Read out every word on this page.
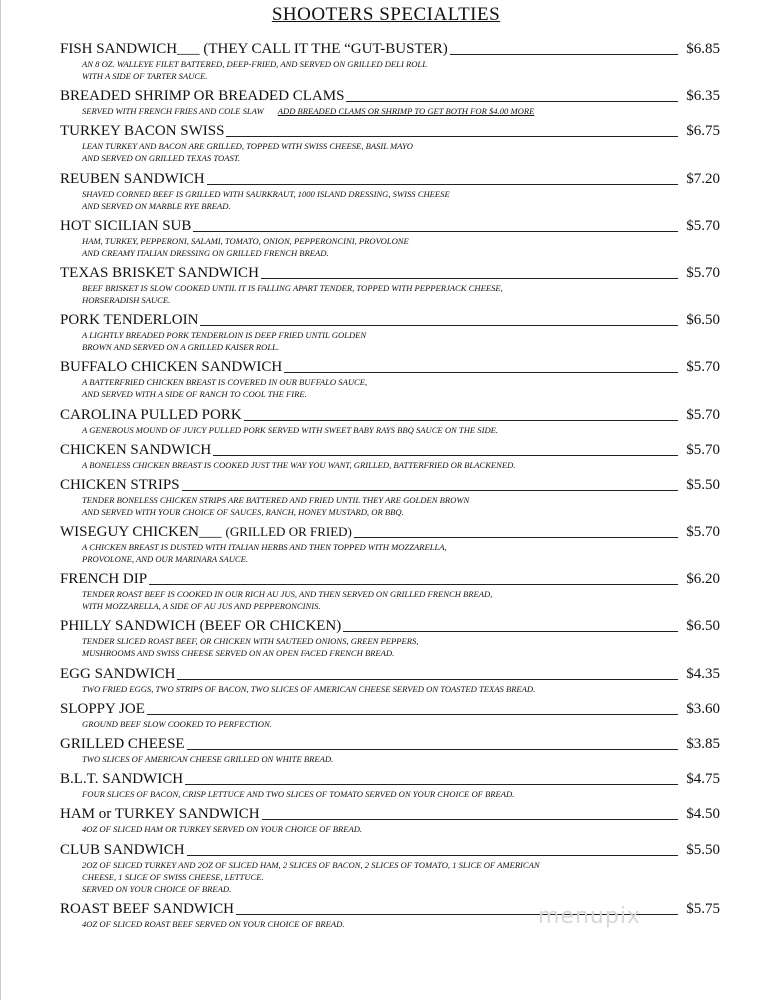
SHOOTERS SPECIALTIES
FISH SANDWICH___ (THEY CALL IT THE “GUT-BUSTER)	$6.85
AN 8 OZ. WALLEYE FILET BATTERED, DEEP-FRIED, AND SERVED ON GRILLED DELI ROLL
WITH A SIDE OF TARTER SAUCE.
BREADED SHRIMP OR BREADED CLAMS	$6.35
SERVED WITH FRENCH FRIES AND COLE SLAW ADD BREADED CLAMS OR SHRIMP TO GET BOTH FOR $4.00 MORE
TURKEY BACON SWISS	$6.75
LEAN TURKEY AND BACON ARE GRILLED, TOPPED WITH SWISS CHEESE, BASIL MAYO
AND SERVED ON GRILLED TEXAS TOAST.
REUBEN SANDWICH	$7.20
SHAVED CORNED BEEF IS GRILLED WITH SAURKRAUT, 1000 ISLAND DRESSING, SWISS CHEESE
AND SERVED ON MARBLE RYE BREAD.
HOT SICILIAN SUB	$5.70
HAM, TURKEY, PEPPERONI, SALAMI, TOMATO, ONION, PEPPERONCINI, PROVOLONE
AND CREAMY ITALIAN DRESSING ON GRILLED FRENCH BREAD.
TEXAS BRISKET SANDWICH	$5.70
BEEF BRISKET IS SLOW COOKED UNTIL IT IS FALLING APART TENDER, TOPPED WITH PEPPERJACK CHEESE,
HORSERADISH SAUCE.
PORK TENDERLOIN	$6.50
A LIGHTLY BREADED PORK TENDERLOIN IS DEEP FRIED UNTIL GOLDEN
BROWN AND SERVED ON A GRILLED KAISER ROLL.
BUFFALO CHICKEN SANDWICH	$5.70
A BATTERFRIED CHICKEN BREAST IS COVERED IN OUR BUFFALO SAUCE,
AND SERVED WITH A SIDE OF RANCH TO COOL THE FIRE.
CAROLINA PULLED PORK	$5.70
A GENEROUS MOUND OF JUICY PULLED PORK SERVED WITH SWEET BABY RAYS BBQ SAUCE ON THE SIDE.
CHICKEN SANDWICH	$5.70
A BONELESS CHICKEN BREAST IS COOKED JUST THE WAY YOU WANT, GRILLED, BATTERFRIED OR BLACKENED.
CHICKEN STRIPS	$5.50
TENDER BONELESS CHICKEN STRIPS ARE BATTERED AND FRIED UNTIL THEY ARE GOLDEN BROWN
AND SERVED WITH YOUR CHOICE OF SAUCES, RANCH, HONEY MUSTARD, OR BBQ.
WISEGUY CHICKEN___ (GRILLED OR FRIED)	$5.70
A CHICKEN BREAST IS DUSTED WITH ITALIAN HERBS AND THEN TOPPED WITH MOZZARELLA,
PROVOLONE, AND OUR MARINARA SAUCE.
FRENCH DIP	$6.20
TENDER ROAST BEEF IS COOKED IN OUR RICH AU JUS, AND THEN SERVED ON GRILLED FRENCH BREAD,
WITH MOZZARELLA, A SIDE OF AU JUS AND PEPPERONCINIS.
PHILLY SANDWICH (BEEF OR CHICKEN)	$6.50
TENDER SLICED ROAST BEEF, OR CHICKEN WITH SAUTEED ONIONS, GREEN PEPPERS,
MUSHROOMS AND SWISS CHEESE SERVED ON AN OPEN FACED FRENCH BREAD.
EGG SANDWICH	$4.35
TWO FRIED EGGS, TWO STRIPS OF BACON, TWO SLICES OF AMERICAN CHEESE SERVED ON TOASTED TEXAS BREAD.
SLOPPY JOE	$3.60
GROUND BEEF SLOW COOKED TO PERFECTION.
GRILLED CHEESE	$3.85
TWO SLICES OF AMERICAN CHEESE GRILLED ON WHITE BREAD.
B.L.T. SANDWICH	$4.75
FOUR SLICES OF BACON, CRISP LETTUCE AND TWO SLICES OF TOMATO SERVED ON YOUR CHOICE OF BREAD.
HAM or TURKEY SANDWICH	$4.50
4OZ OF SLICED HAM OR TURKEY SERVED ON YOUR CHOICE OF BREAD.
CLUB SANDWICH	$5.50
2OZ OF SLICED TURKEY AND 2OZ OF SLICED HAM, 2 SLICES OF BACON, 2 SLICES OF TOMATO, 1 SLICE OF AMERICAN
CHEESE, 1 SLICE OF SWISS CHEESE, LETTUCE.
SERVED ON YOUR CHOICE OF BREAD.
ROAST BEEF SANDWICH	$5.75
4OZ OF SLICED ROAST BEEF SERVED ON YOUR CHOICE OF BREAD.	menupix
